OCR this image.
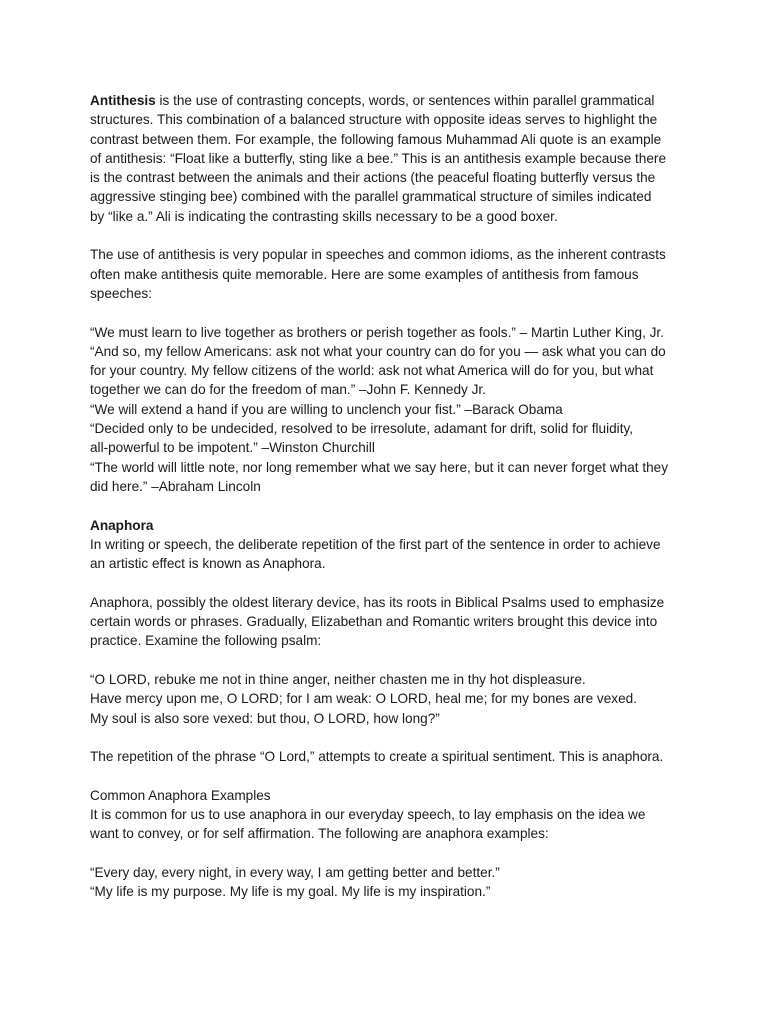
Antithesis is the use of contrasting concepts, words, or sentences within parallel grammatical
structures. This combination of a balanced structure with opposite ideas serves to highlight the
contrast between them. For example, the following famous Muhammad Ali quote is an example
of antithesis: “Float like a butterfly, sting like a bee.” This is an antithesis example because there
is the contrast between the animals and their actions (the peaceful floating butterfly versus the
aggressive stinging bee) combined with the parallel grammatical structure of similes indicated
by “like a.” Ali is indicating the contrasting skills necessary to be a good boxer.

The use of antithesis is very popular in speeches and common idioms, as the inherent contrasts
often make antithesis quite memorable. Here are some examples of antithesis from famous
speeches:

“We must learn to live together as brothers or perish together as fools.” – Martin Luther King, Jr.

“And so, my fellow Americans: ask not what your country can do for you — ask what you can do
for your country. My fellow citizens of the world: ask not what America will do for you, but what
together we can do for the freedom of man.” –John F. Kennedy Jr.

“We will extend a hand if you are willing to unclench your fist.” –Barack Obama

“Decided only to be undecided, resolved to be irresolute, adamant for drift, solid for fluidity,
all-powerful to be impotent.” –Winston Churchill

“The world will little note, nor long remember what we say here, but it can never forget what they
did here.” –Abraham Lincoln

Anaphora

In writing or speech, the deliberate repetition of the first part of the sentence in order to achieve
an artistic effect is known as Anaphora.

Anaphora, possibly the oldest literary device, has its roots in Biblical Psalms used to emphasize
certain words or phrases. Gradually, Elizabethan and Romantic writers brought this device into
practice. Examine the following psalm:

“O LORD, rebuke me not in thine anger, neither chasten me in thy hot displeasure.
Have mercy upon me, O LORD; for I am weak: O LORD, heal me; for my bones are vexed.
My soul is also sore vexed: but thou, O LORD, how long?”

The repetition of the phrase “O Lord,” attempts to create a spiritual sentiment. This is anaphora.

Common Anaphora Examples

It is common for us to use anaphora in our everyday speech, to lay emphasis on the idea we
want to convey, or for self affirmation. The following are anaphora examples:

“Every day, every night, in every way, I am getting better and better.”

“My life is my purpose. My life is my goal. My life is my inspiration.”
